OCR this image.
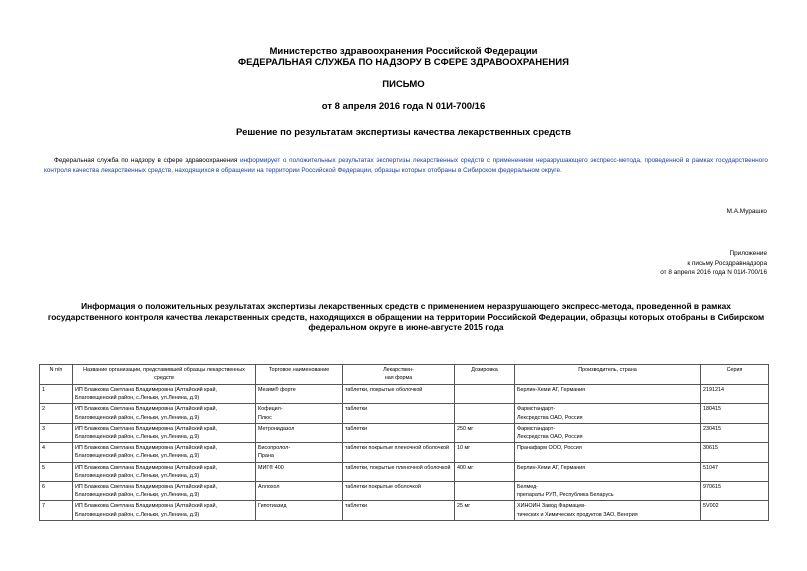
Министерство здравоохранения Российской Федерации
ФЕДЕРАЛЬНАЯ СЛУЖБА ПО НАДЗОРУ В СФЕРЕ ЗДРАВООХРАНЕНИЯ
ПИСЬМО
от 8 апреля 2016 года N 01И-700/16
Решение по результатам экспертизы качества лекарственных средств
Федеральная служба по надзору в сфере здравоохранения информирует о положительных результатах экспертизы лекарственных средств с применением неразрушающего экспресс-метода, проведенной в рамках государственного контроля качества лекарственных средств, находящихся в обращении на территории Российской Федерации, образцы которых отобраны в Сибирском федеральном округе.
М.А.Мурашко
Приложение
к письму Росздравнадзора
от 8 апреля 2016 года N 01И-700/16
Информация о положительных результатах экспертизы лекарственных средств с применением неразрушающего экспресс-метода, проведенной в рамках государственного контроля качества лекарственных средств, находящихся в обращении на территории Российской Федерации, образцы которых отобраны в Сибирском федеральном округе в июне-августе 2015 года
N п/п	Название организации, представившей образцы лекарственных средств	Торговое наименование	Лекарствен-
ная форма	Дозировка	Производитель, страна	Серия
1	ИП Блажкова Светлана Владимировна (Алтайский край, Благовещенский район, с.Леньки, ул.Ленина, д.9)	Мезим® форте	таблетки, покрытые оболочкой		Берлин-Хеми АГ, Германия	2191214
2	ИП Блажкова Светлана Владимировна (Алтайский край, Благовещенский район, с.Леньки, ул.Ленина, д.9)	Кофицил-
Плюс	таблетки		Фармстандарт-
Лексредства ОАО, Россия	180415
3	ИП Блажкова Светлана Владимировна (Алтайский край, Благовещенский район, с.Леньки, ул.Ленина, д.9)	Метронидазол	таблетки	250 мг	Фармстандарт-
Лексредства ОАО, Россия	230415
4	ИП Блажкова Светлана Владимировна (Алтайский край, Благовещенский район, с.Леньки, ул.Ленина, д.9)	Бисопролол-
Прана	таблетки покрытые пленочной оболочкой	10 мг	Пранафарм ООО, Россия	30615
5	ИП Блажкова Светлана Владимировна (Алтайский край, Благовещенский район, с.Леньки, ул.Ленина, д.9)	МИГ® 400	таблетки, покрытые пленочной оболочкой	400 мг	Берлин-Хеми АГ, Германия	51047
6	ИП Блажкова Светлана Владимировна (Алтайский край, Благовещенский район, с.Леньки, ул.Ленина, д.9)	Аллохол	таблетки покрытые оболочкой		Белмед-
препараты РУП, Республика Беларусь	970615
7	ИП Блажкова Светлана Владимировна (Алтайский край, Благовещенский район, с.Леньки, ул.Ленина, д.9)	Гипотиазид	таблетки	25 мг	ХИНОИН Завод Фармацев-
тических и Химических продуктов ЗАО, Венгрия	5V002
